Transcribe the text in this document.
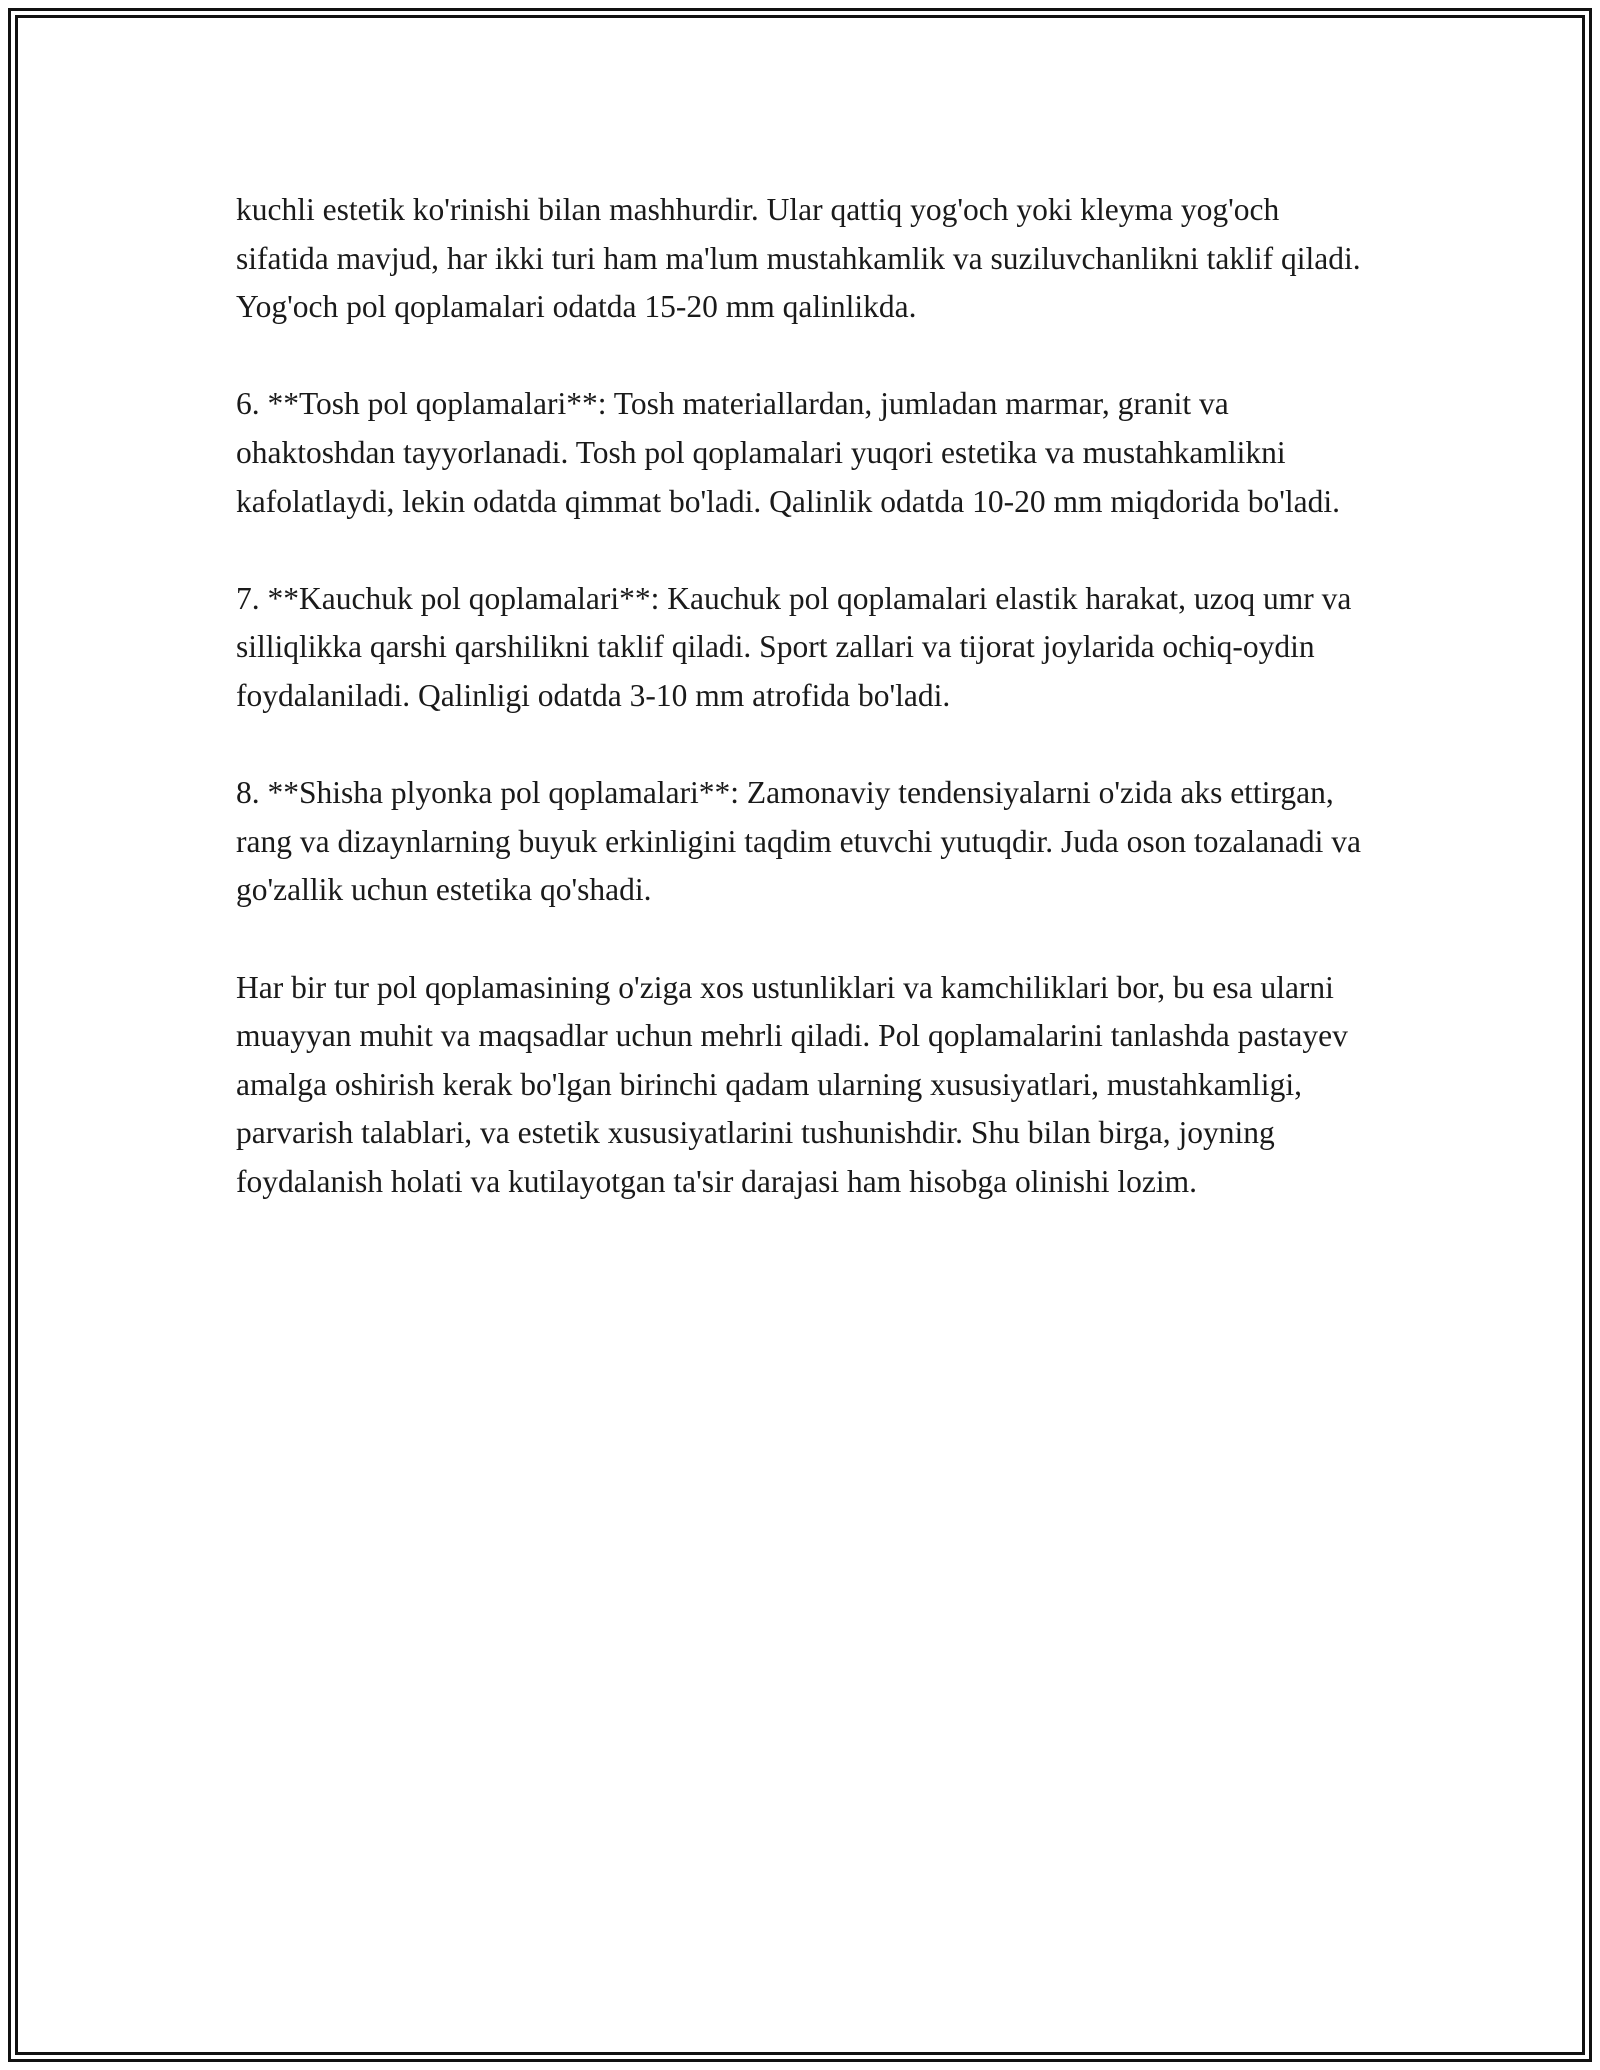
kuchli estetik ko'rinishi bilan mashhurdir. Ular qattiq yog'och yoki kleyma yog'och sifatida mavjud, har ikki turi ham ma'lum mustahkamlik va suziluvchanlikni taklif qiladi. Yog'och pol qoplamalari odatda 15-20 mm qalinlikda.

6. **Tosh pol qoplamalari**: Tosh materiallardan, jumladan marmar, granit va ohaktoshdan tayyorlanadi. Tosh pol qoplamalari yuqori estetika va mustahkamlikni kafolatlaydi, lekin odatda qimmat bo'ladi. Qalinlik odatda 10-20 mm miqdorida bo'ladi.

7. **Kauchuk pol qoplamalari**: Kauchuk pol qoplamalari elastik harakat, uzoq umr va silliqlikka qarshi qarshilikni taklif qiladi. Sport zallari va tijorat joylarida ochiq-oydin foydalaniladi. Qalinligi odatda 3-10 mm atrofida bo'ladi.

8. **Shisha plyonka pol qoplamalari**: Zamonaviy tendensiyalarni o'zida aks ettirgan, rang va dizaynlarning buyuk erkinligini taqdim etuvchi yutuqdir. Juda oson tozalanadi va go'zallik uchun estetika qo'shadi.

Har bir tur pol qoplamasining o'ziga xos ustunliklari va kamchiliklari bor, bu esa ularni muayyan muhit va maqsadlar uchun mehrli qiladi. Pol qoplamalarini tanlashda pastayev amalga oshirish kerak bo'lgan birinchi qadam ularning xususiyatlari, mustahkamligi, parvarish talablari, va estetik xususiyatlarini tushunishdir. Shu bilan birga, joyning foydalanish holati va kutilayotgan ta'sir darajasi ham hisobga olinishi lozim.
